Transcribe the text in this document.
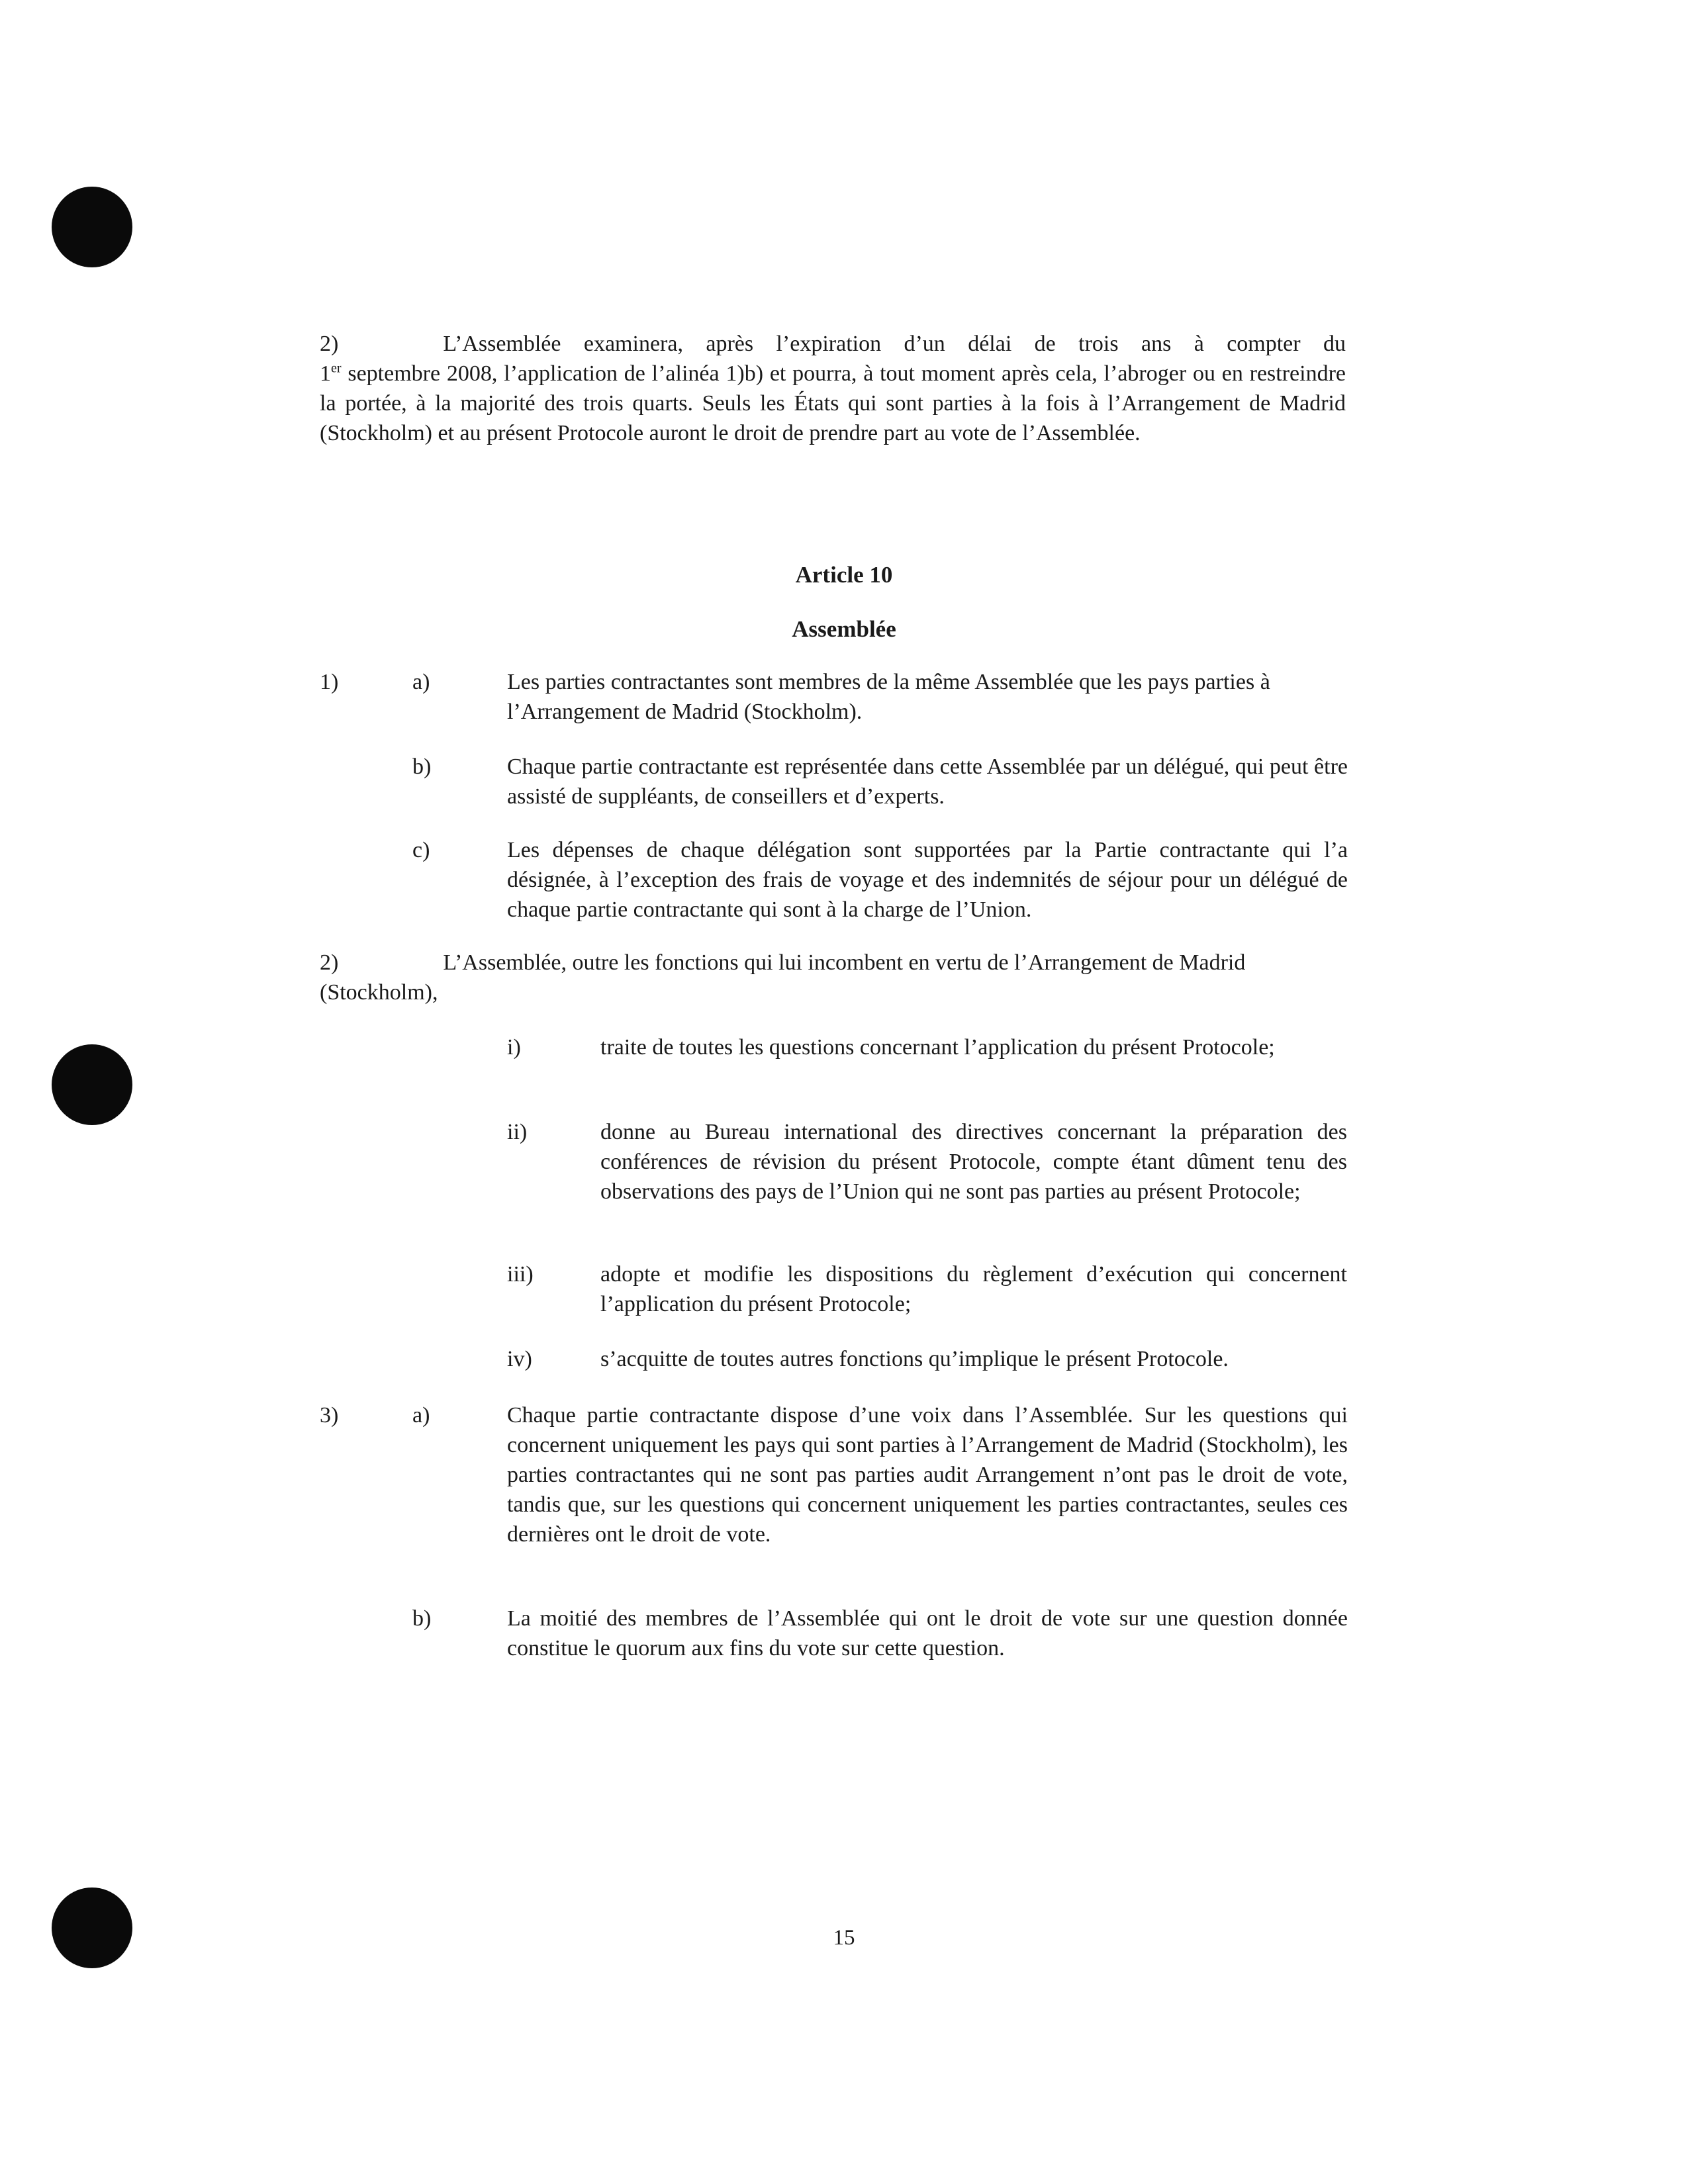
2)	L’Assemblée examinera, après l’expiration d’un délai de trois ans à compter du
1er septembre 2008, l’application de l’alinéa 1)b) et pourra, à tout moment après cela, l’abroger ou en restreindre la portée, à la majorité des trois quarts. Seuls les États qui sont parties à la fois à l’Arrangement de Madrid (Stockholm) et au présent Protocole auront le droit de prendre part au vote de l’Assemblée.

Article 10
Assemblée
1)	a)	Les parties contractantes sont membres de la même Assemblée que les pays parties à l’Arrangement de Madrid (Stockholm).

b)	Chaque partie contractante est représentée dans cette Assemblée par un délégué, qui peut être assisté de suppléants, de conseillers et d’experts.

c)	Les dépenses de chaque délégation sont supportées par la Partie contractante qui l’a désignée, à l’exception des frais de voyage et des indemnités de séjour pour un délégué de chaque partie contractante qui sont à la charge de l’Union.

2)	L’Assemblée, outre les fonctions qui lui incombent en vertu de l’Arrangement de Madrid (Stockholm),

i)	traite de toutes les questions concernant l’application du présent Protocole;

ii)	donne au Bureau international des directives concernant la préparation des conférences de révision du présent Protocole, compte étant dûment tenu des observations des pays de l’Union qui ne sont pas parties au présent Protocole;

iii)	adopte et modifie les dispositions du règlement d’exécution qui concernent l’application du présent Protocole;

iv)	s’acquitte de toutes autres fonctions qu’implique le présent Protocole.

3)	a)	Chaque partie contractante dispose d’une voix dans l’Assemblée. Sur les questions qui concernent uniquement les pays qui sont parties à l’Arrangement de Madrid (Stockholm), les parties contractantes qui ne sont pas parties audit Arrangement n’ont pas le droit de vote, tandis que, sur les questions qui concernent uniquement les parties contractantes, seules ces dernières ont le droit de vote.

b)	La moitié des membres de l’Assemblée qui ont le droit de vote sur une question donnée constitue le quorum aux fins du vote sur cette question.

15
